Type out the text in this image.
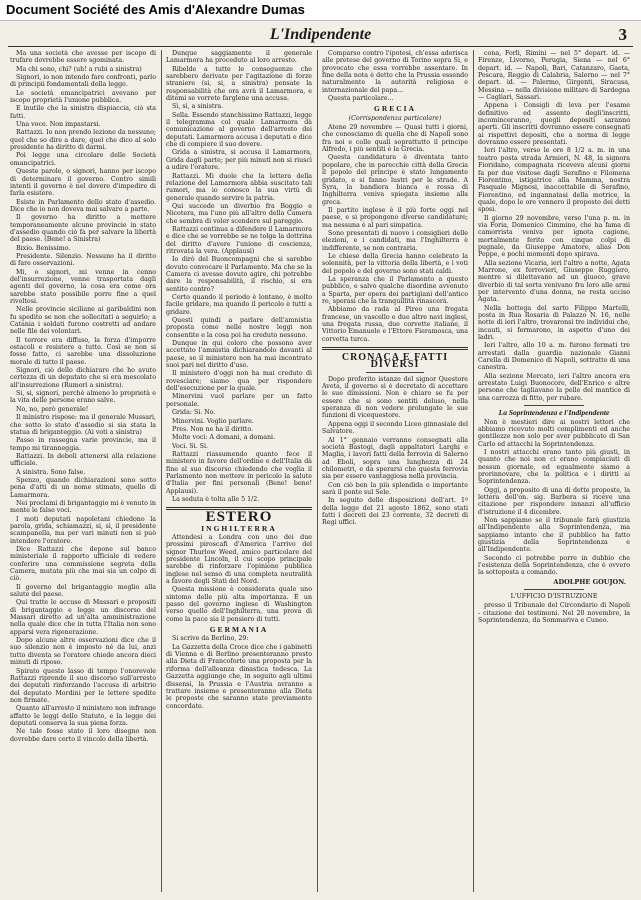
Document Société des Amis d'Alexandre Dumas
L'Indipendente	3

Ma una società che avesse per iscopo di trufare dovrebbe essere sgominata.

Ma chi sono, chi? (uh! a rubi a sinistra)

Signori, io non intendo fare confronti, parlo di principii fondamentali della legge.

Le società emancipatrici avevano per iscopo proprietà l'unione pubblica.

E inutile che la sinistra dispiaccia, ciò sta fatti.

Una voce. Non impastarsi.

Rattazzi. Io non prendo lezione da nessuno; quel che so dire a dare, quel che dico al solo presidente ha diritto di darmi.

Poi legge una circolare delle Società emancipatrici.

Queste parole, o signori, hanno per iscopo di determinare il governo. Contro simili intenti il governo è nel dovere d'impedire di farla esistere.

Esiste in Parlamento dello stato d'assedio. Dice che io non doveva mai salvare a parte.

Il governo ha diritto a mettere temporaneamente alcune provincie in stato d'assedio quando ciò fa per salvare la libertà del paese. (Bene! a Sinistra)

Bixio. Benissimo.

Presidente. Silenzio. Nessuno ha il diritto di fare osservazioni.

Mi, o signori, mi venne in cenno del'insurrezione, venne trasportata dagli agenti del governo, la cosa era come ora sarebbe stato possibile porre fine a quel rivoltosi.

Nelle provincie siciliane ai garibaldini non fu spedito se non che sollecitati a seguirlo; a Catania i soldati furono costretti ad andare nelle file dei volontari.

Il terrore era diffuso, la forza d'imporre ostacoli e resistere a tutto. Così se non si fosse fatto, ci sarebbe una dissoluzione morale di tutto il paese.

Signori, ciò dello dichiarare che ho avuto certezza di un deputato che si era mescolato all'insurrezione (Rumori a sinistra).

Si, si, signori, perchè almeno lo proprietà e la vita delle persone erano salve.

No, no, però generale!

Il ministro rispose: ma il generale Mussari, che sotto lo stato d'assedio si sia stata la statua di briganteggio. (Ai voti a sinistra)

Passo in rassegna varie provincie, ma il tempo mi tiranneggia.

Rattazzi. In deboli attenersi alla relazione ufficiale.

A sinistra. Sono false.

Spenzo, quando dichiarazioni sono sotto pena d'atti di un nome stimato, quello di Lamarmora.

Nei proclami di brigantaggio mi è venuto in mente le false voci.

I moti deputati napoletani chiedono la parola, grida, schiamazzi, si, si, il presidente scampanella, ma per vari minuti non si può intendere l'oratore.

Dice Rattazzi che depone sul banco ministeriale il rapporto ufficiale di vedere conferire una commissione segreta della Camera, mutata più che mai sia un colpo di ciò.

Il governo del brigantaggio meglio alla salute del paese.

Qui tratte le accuse di Massari e propositi di brigantaggio e legge un discorso del Massari diretto ad un'alta amministrazione nella quale dice che in tutta l'Italia non sono apparsi vera rigenerazione.

Dopo alcune altre osservazioni dice che il suo silenzio non è imposto né da lui, anzi tutto diventa se l'oratore chiede ancora dieci minuti di riposo.

Spirato questo lasso di tempo l'onorevole Rattazzi riprende il suo discorso sull'arresto dei deputati rinforzando l'accusa di arbitrio del deputato Mordini per le lettere spedite non firmate.

Quanto all'arresto il ministero non infrange affatto le leggi dello Statuto, e la legge dei deputati conserva la sua piena forza.

Ne tale fosse stato il loro disegno non dovrebbe dare certo il vincolo della libertà.

Dunque saggiamente il generale Lamarmora ha proceduto al loro arresto.

Ribelde a tutte le conseguenze che sarebbero derivate per l'agitazione di forze straniere (si, si, a sinistra) pensate la responsabilità che ora avrà il Lamarmora, e ditemi se vorrete farglene una accusa.

Sì, sì, a sinistra.

Sella. Essendo stanchissimo Rattazzi, legge il telegramma col quale Lamarmora dà comunicazione al governo dell'arresto dei deputati. Lamarmora accusa i deputati e dice che di compiere il suo dovere.

Grida a sinistra, si accusa il Lamarmora, Grida dagli parte; per più minuti non si riuscì a udire l'oratore.

Rattazzi. Mi duole che la lettera della relazione del Lamarmora abbia suscitato tali rumori, ma io conosco la sua virtù di generale quando servire la patria.

Qui succede un diverbio fra Boggio e Nicotera, ma l'uno più all'altro della Camera che sembra di voler scendere sul pareggio.

Rattazzi continua a difendere il Lamarmora e dice che se vorrebbe se ne tolga la dottrina del diritto d'avere l'unione di coscienza, ritrovata la vera. (Applausi)

Io dirò del Buoncompagni che si sarebbe dovuto convocare il Parlamento. Ma che se la Camera ci avesse dovuto agire, chi potrebbe dare la responsabilità, il rischio, si era sentito contro?

Certo quando il periodo è lontano, è molto facile gridare, ma quando il pericolo è tutti a gridare.

Questi quindi a parlare dell'amnistia proposta come nelle nostre leggi non consentite e la cosa poi ha creduto nessuno.

Dunque in qui coloro che possono aver accettato l'amnistia dichiarandolo davanti al paese, se il ministero non ha mai incontrato suoi pari nel diritto d'uso.

Il ministero d'oggi non ha mai creduto di rovesciare; siamo qua per rispondere dell'esecuzione per la quale.

Minervini vuol parlare per un fatto personale.

Grida: Si. No.

Minervini. Voglio parlare.

Pres. Non ne ha il diritto.

Molte voci: A domani, a domani.

Voci. Si. Si.

Rattazzi riassumendo quanto fece il ministero in favore dell'ordine e dell'Italia dà fine al suo discorso chiedendo che voglia il Parlamento non mettere in pericolo la salute d'Italia per fini personali (Bene! bene! Applausi).

La seduta è tolta alle 5 1/2.

ESTERO
INGHILTERRA

Attendesi a Londra con uno dei due prossimi piroscafi d'America l'arrivo del signor Thurlow Weed, amico particolare del presidente Lincoln, il cui scopo principale sarebbe di rinforzare l'opinione pubblica inglese nel senso di una completa neutralità a favore degli Stati del Nord.

Questa missione è considerata quale uno sintomo delle più alta importanza. È un passo del governo inglese di Washington verso quello dell'Inghilterra, una prova di come la pace sia il pensiero di tutti.

GERMANIA

Si scrive da Berlino, 29:

La Gazzetta della Croce dice che i gabinetti di Vienna e di Berlino presenteranno presto alla Dieta di Francoforte una proposta per la riforma dell'alleanza dinastica tedesca. La Gazzetta aggiunge che, in seguito agli ultimi dissensi, la Prussia e l'Austria avranno a trattare insieme e presenteranno alla Dieta le proposte che saranno state previamente concordate.

Comparso contro l'ipotesi, ch'essa aderisca alle pretese del governo di Torino sopra Si, e provocato che essa vorrebbe assentare. In fine della nota è detto che la Prussia essendo naturalmente la autorità religiosa e internazionale del papa...

Questa particolare...

GRECIA
(Corrispondenza particolare)

Atene 29 novembre — Quasi tutti i giorni, che conosciamo di quella che di Napoli sono fra noi e colle quali soprattutto il principe Alfredo, i più sentiti è la Grecia.

Questa candidatura è diventata tanto popolare, che in parecchie città della Grecia il popolo del principe è stato lungamente gridato, e si fanno lustri per le strade. A Syra, la bandiera bianca e rossa di Inghilterra veniva spiegata insieme alla greca.

Il partito inglese è il più forte oggi nel paese, e si propongono diverse candidature; ma nessuna è al pari simpatica.

Sono presentati di nuovo i consiglieri delle elezioni, e i candidati, ma l'Inghilterra è indifferente, se non contraria.

Le chiese della Grecia hanno celebrato la solennità, per la vittoria della libertà, e i voti del popolo e del governo sono stati caldi.

La speranza che il Parlamento a questo pubblico, e salvo qualche disordine avvenuto a Sparta, per opera dei partigiani dell'antico re, sperasi che la tranquillità rinascerà.

Abbiamo da rada al Pireo una fregata francese, un vascello e due altre navi inglesi, una fregata russa, due corvette italiane, il Vittorio Emanuele e l'Ettore Fieramosca, una corvetta turca.

CRONACA E FATTI DIVERSI

Dopo proferito istanze del signor Questore Aveta, il governo si è decretato di accettare le sue dimissioni. Non è chiaro se fu per essere che si sono sentiti deluso, nella speranza di non vedere prolungate le sue funzioni di vicequestore.

Appena oggi il secondo Liceo ginnasiale del Salvatore.

Al 1° gennaio verranno consegnati alla società Bastogi, dagli appaltatori Larghi e Maglia, i lavori fatti della ferrovia di Salerno ad Eboli, sopra una lunghezza di 24 chilometri, e da sperarsi che questa ferrovia sia per essere vantaggiosa nella provincia.

Con ciò ben la più splendida e importante sarà il ponte sul Sele.

In seguito delle disposizioni dell'art. 1º della legge del 21 agosto 1862, sono stati fatti i decreti dei 23 corrente, 32 decreti di Regi uffici.

cona, Forlì, Rimini — nel 5° depart. id. — Firenze, Livorno, Perugia, Siena — nel 6° depart. id. — Napoli, Bari, Catanzaro, Gaeta, Pescara, Reggio di Calabria, Salerno — nel 7° depart. id. — Palermo, Girgenti, Siracusa, Messina — nella divisione militare di Sardegna — Cagliari, Sassari.

Appena i Consigli di leva per l'esame definitivo ed assento degli'inscritti, incominceranno, quegli depositi saranno aperti. Gli inscritti dovranno essere consegnati ai rispettivi depositi, che a norma di legge dovranno essere presentati.

Ieri l'altro, verso le ore 8 1/2 a. m. in una teatro posta strada Armieri, N. 48, la signora Fioridano, compagnata riceveva alcuni giorni fa per due visitose dagli Serafino e Filomena Fiorentino, istigatrice alla Mamma, nostra Pasquale Mignosi, inaccettabile di Serafino, Fiorentino, ed ingannatasi della motrice, la quale, dopo le ore vennero il proposto dei detti sposi.

Il giorno 29 novembre, verso l'una p. m. in via Foria, Domenico Cimmino, che ha fama di camorrista veniva per ignota cagione, mortalmente ferito con cinque colpi di pugnale, da Giuseppe Amatore, alias Don Peppe, e pochi momenti dopo spirava.

Alla sezione Vicaria, ieri l'altro a notte, Agata Marrone, ex ferrovieri, Giuseppe Ruggiero, mentre si dilettavano ad un giuoco, grave diverbio di tal sorta venivano fra loro alle armi per intervento d'una donna, ne resta ucciso Agata.

Nella bottega del sarto Filippo Martelli, posta in Rua Rosaria di Palazzo N. 16, nelle notte di ieri l'altro, trovaronsi tre individui che, incauti, si fermarono, in aspetto d'uno dei ladri.

Ieri l'altro, allo 10 a. m. furono fermati tre arrestati dalla guardia nazionale Gianni Carella di Domenico di Napoli, sottratto di una canestra.

Alla sezione Mercato, ieri l'altro ancora era arrestato Luigi Buonocore, dell'Enrico e altre persone che tagliavano la pelle del mantice di una carrozza di fitto, per rubare.

La Soprintendenza e l'Indipendente

Non è mestieri dire ai nostri lettori che abbiamo ricevuto molti complimenti ed anche gentilezze non solo per aver pubblicato di San Carlo ed attacchi la Soprintendenza.

I nostri attacchi erano tanto più giusti, in quanto che noi non ci erano compiaciuti di nessun giornale, ed egualmente siamo a prorinnovare, che la politica e i diritti ai Soprintendenza.

Oggi, a proposito di una di dette proposte, la lettera dell'on. sig. Barbera si riceve una citazione per rispondere innanzi all'ufficio d'istruzione il 4 dicembre.

Non sappiamo se il tribunale farà giustizia all'Indipendente alla Soprintendenza, ma sappiamo intanto che il pubblico ha fatto giustizia della Soprintendenza e all'Indipendente.

Secondo ci potrebbe porre in dubbio che l'esistenza della Soprintendenza, che è ovvero la sottoposta a comando.

ADOLPHE GOUJON.
L'UFFICIO D'ISTRUZIONE

presso il Tribunale del Circondario di Napoli - citazione dei testimoni. Nel 20 novembre, la Soprintendenza, da Sommariva e Cuneo.
